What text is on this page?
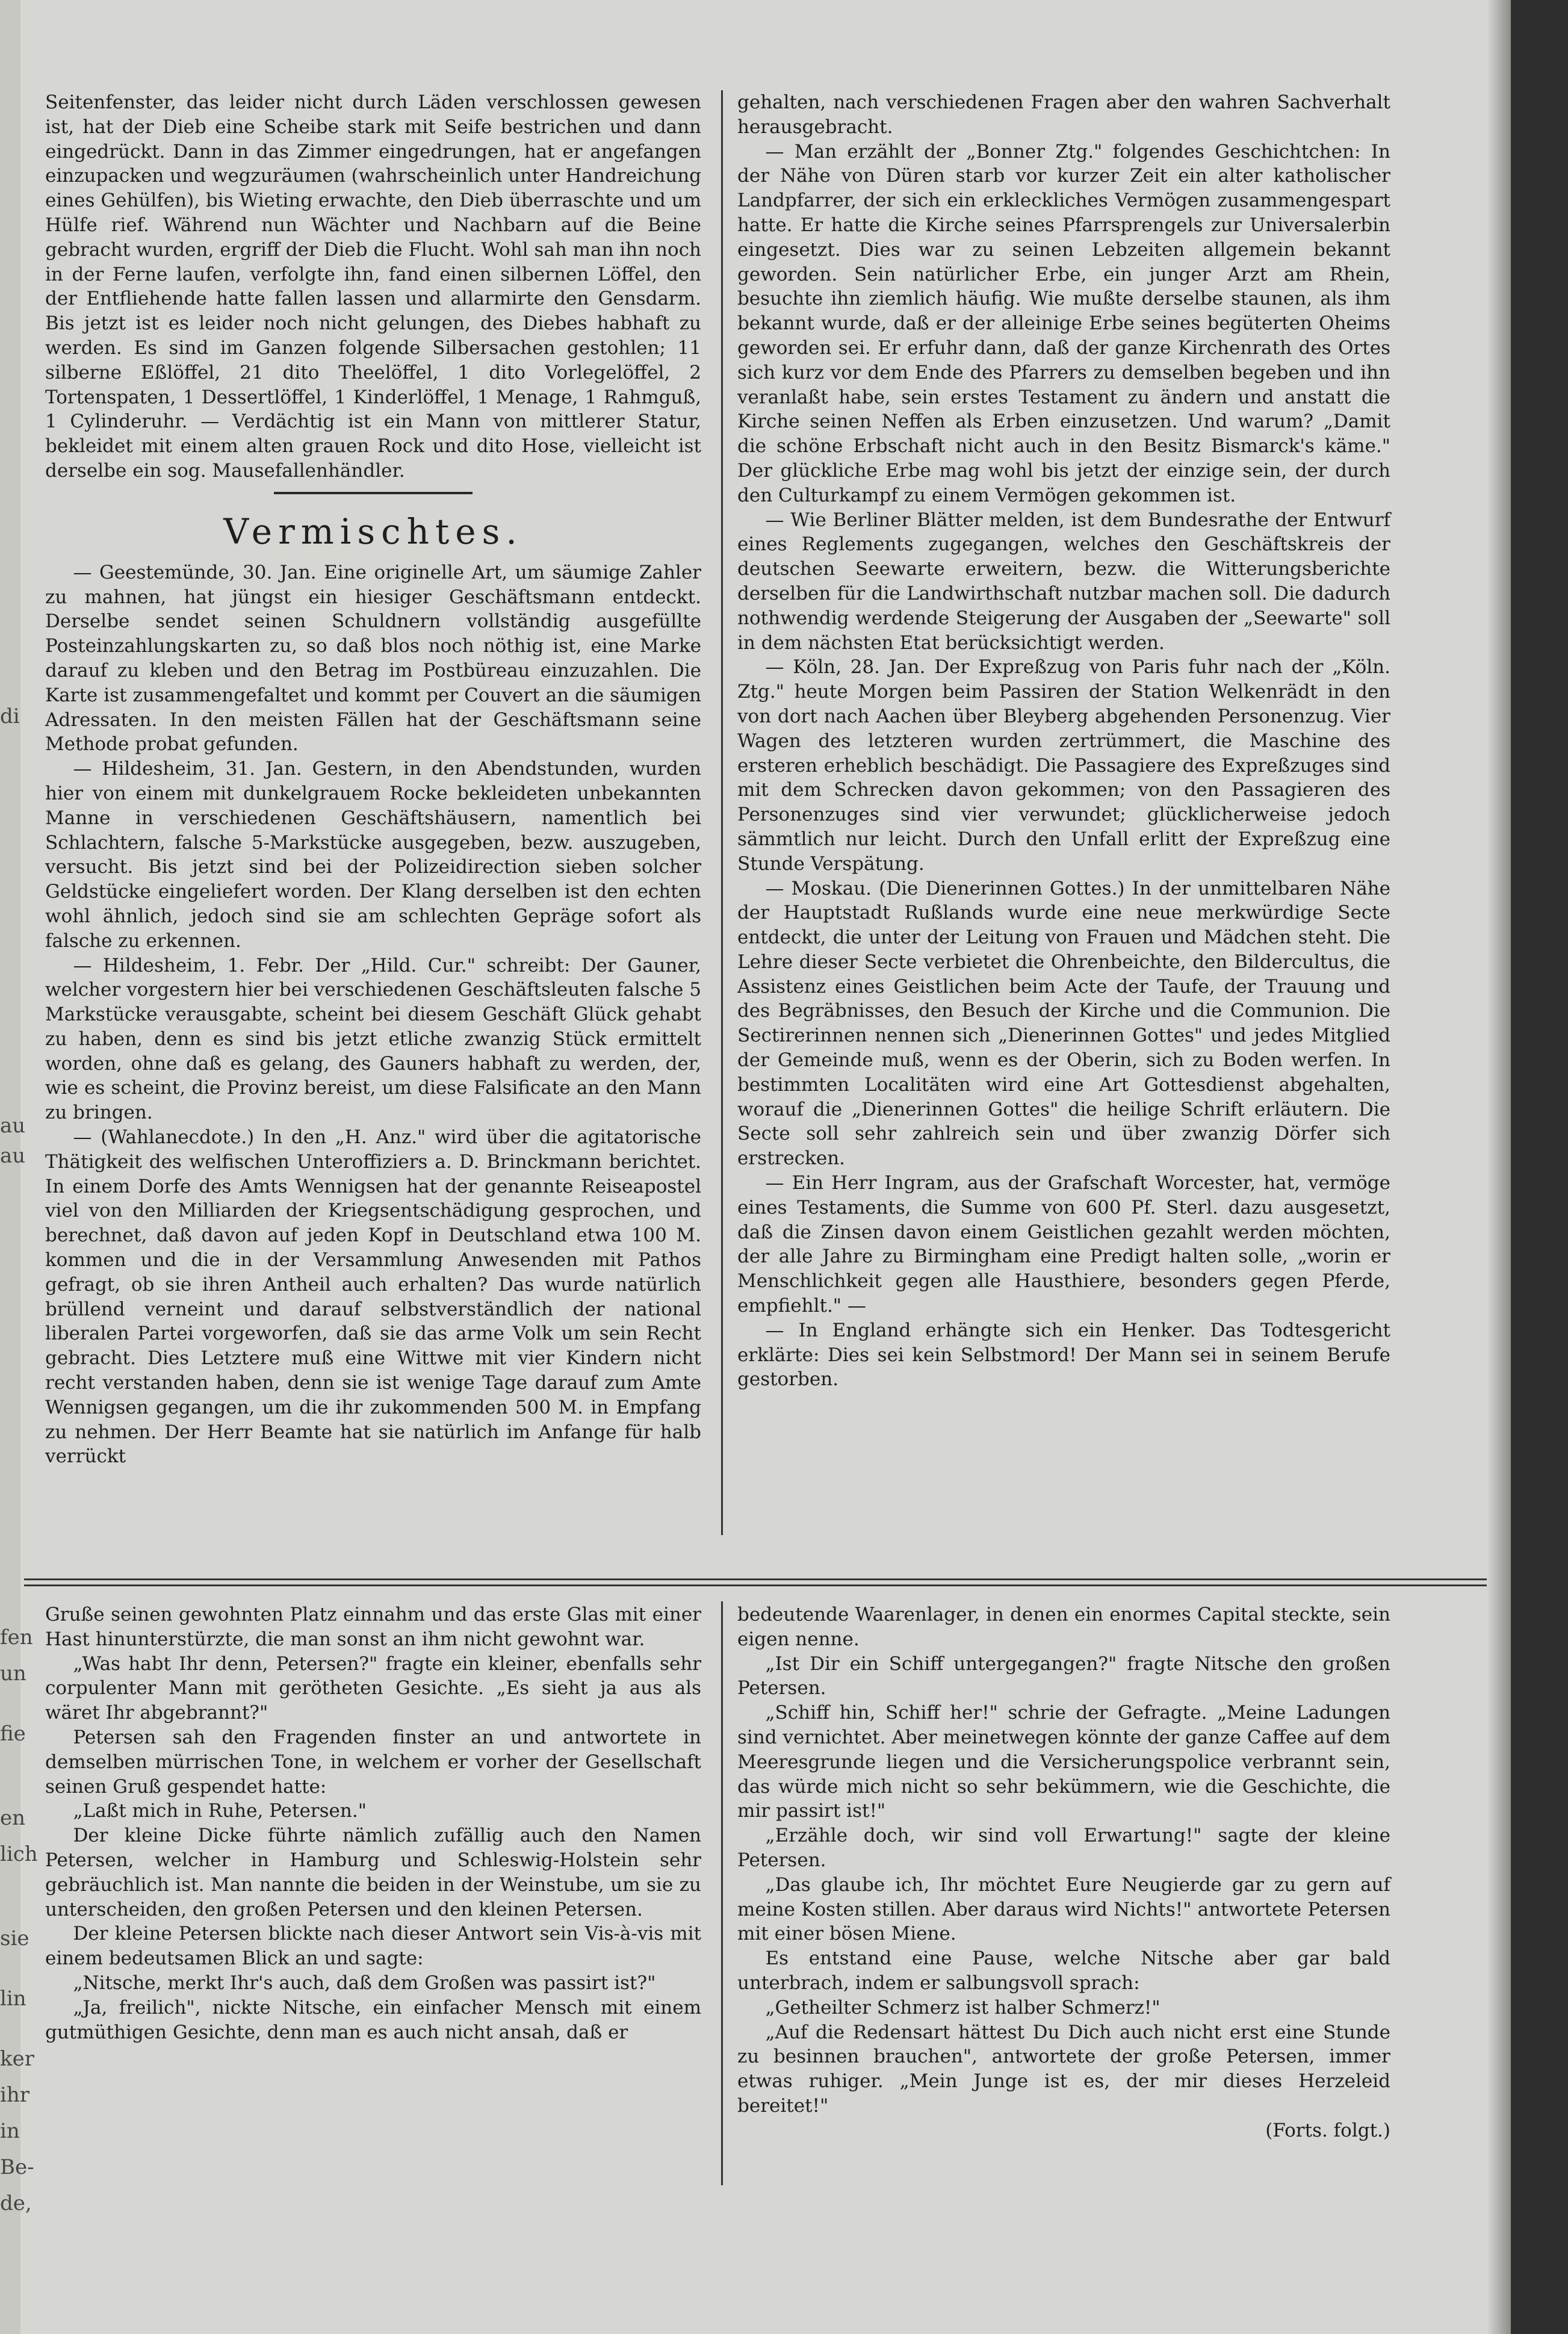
di
au
au
fen
un
fie
en
lich
sie
lin
ker
ihr
in
Be-
de,

Seitenfenster, das leider nicht durch Läden verschlossen gewesen ist, hat der Dieb eine Scheibe stark mit Seife bestrichen und dann eingedrückt. Dann in das Zimmer eingedrungen, hat er angefangen einzupacken und wegzuräumen (wahrscheinlich unter Handreichung eines Gehülfen), bis Wieting erwachte, den Dieb überraschte und um Hülfe rief. Während nun Wächter und Nachbarn auf die Beine gebracht wurden, ergriff der Dieb die Flucht. Wohl sah man ihn noch in der Ferne laufen, verfolgte ihn, fand einen silbernen Löffel, den der Entfliehende hatte fallen lassen und allarmirte den Gensdarm. Bis jetzt ist es leider noch nicht gelungen, des Diebes habhaft zu werden. Es sind im Ganzen folgende Silbersachen gestohlen; 11 silberne Eßlöffel, 21 dito Theelöffel, 1 dito Vorlegelöffel, 2 Tortenspaten, 1 Dessertlöffel, 1 Kinderlöffel, 1 Menage, 1 Rahmguß, 1 Cylinderuhr. — Verdächtig ist ein Mann von mittlerer Statur, bekleidet mit einem alten grauen Rock und dito Hose, vielleicht ist derselbe ein sog. Mausefallenhändler.

Vermischtes.

— Geestemünde, 30. Jan. Eine originelle Art, um säumige Zahler zu mahnen, hat jüngst ein hiesiger Geschäftsmann entdeckt. Derselbe sendet seinen Schuldnern vollständig ausgefüllte Posteinzahlungskarten zu, so daß blos noch nöthig ist, eine Marke darauf zu kleben und den Betrag im Postbüreau einzuzahlen. Die Karte ist zusammengefaltet und kommt per Couvert an die säumigen Adressaten. In den meisten Fällen hat der Geschäftsmann seine Methode probat gefunden.

— Hildesheim, 31. Jan. Gestern, in den Abendstunden, wurden hier von einem mit dunkelgrauem Rocke bekleideten unbekannten Manne in verschiedenen Geschäftshäusern, namentlich bei Schlachtern, falsche 5-Markstücke ausgegeben, bezw. auszugeben, versucht. Bis jetzt sind bei der Polizeidirection sieben solcher Geldstücke eingeliefert worden. Der Klang derselben ist den echten wohl ähnlich, jedoch sind sie am schlechten Gepräge sofort als falsche zu erkennen.

— Hildesheim, 1. Febr. Der „Hild. Cur." schreibt: Der Gauner, welcher vorgestern hier bei verschiedenen Geschäftsleuten falsche 5 Markstücke verausgabte, scheint bei diesem Geschäft Glück gehabt zu haben, denn es sind bis jetzt etliche zwanzig Stück ermittelt worden, ohne daß es gelang, des Gauners habhaft zu werden, der, wie es scheint, die Provinz bereist, um diese Falsificate an den Mann zu bringen.

— (Wahlanecdote.) In den „H. Anz." wird über die agitatorische Thätigkeit des welfischen Unteroffiziers a. D. Brinckmann berichtet. In einem Dorfe des Amts Wennigsen hat der genannte Reiseapostel viel von den Milliarden der Kriegsentschädigung gesprochen, und berechnet, daß davon auf jeden Kopf in Deutschland etwa 100 M. kommen und die in der Versammlung Anwesenden mit Pathos gefragt, ob sie ihren Antheil auch erhalten? Das wurde natürlich brüllend verneint und darauf selbstverständlich der national liberalen Partei vorgeworfen, daß sie das arme Volk um sein Recht gebracht. Dies Letztere muß eine Wittwe mit vier Kindern nicht recht verstanden haben, denn sie ist wenige Tage darauf zum Amte Wennigsen gegangen, um die ihr zukommenden 500 M. in Empfang zu nehmen. Der Herr Beamte hat sie natürlich im Anfange für halb verrückt

gehalten, nach verschiedenen Fragen aber den wahren Sachverhalt herausgebracht.

— Man erzählt der „Bonner Ztg." folgendes Geschichtchen: In der Nähe von Düren starb vor kurzer Zeit ein alter katholischer Landpfarrer, der sich ein erkleckliches Vermögen zusammengespart hatte. Er hatte die Kirche seines Pfarrsprengels zur Universalerbin eingesetzt. Dies war zu seinen Lebzeiten allgemein bekannt geworden. Sein natürlicher Erbe, ein junger Arzt am Rhein, besuchte ihn ziemlich häufig. Wie mußte derselbe staunen, als ihm bekannt wurde, daß er der alleinige Erbe seines begüterten Oheims geworden sei. Er erfuhr dann, daß der ganze Kirchenrath des Ortes sich kurz vor dem Ende des Pfarrers zu demselben begeben und ihn veranlaßt habe, sein erstes Testament zu ändern und anstatt die Kirche seinen Neffen als Erben einzusetzen. Und warum? „Damit die schöne Erbschaft nicht auch in den Besitz Bismarck's käme." Der glückliche Erbe mag wohl bis jetzt der einzige sein, der durch den Culturkampf zu einem Vermögen gekommen ist.

— Wie Berliner Blätter melden, ist dem Bundesrathe der Entwurf eines Reglements zugegangen, welches den Geschäftskreis der deutschen Seewarte erweitern, bezw. die Witterungsberichte derselben für die Landwirthschaft nutzbar machen soll. Die dadurch nothwendig werdende Steigerung der Ausgaben der „Seewarte" soll in dem nächsten Etat berücksichtigt werden.

— Köln, 28. Jan. Der Expreßzug von Paris fuhr nach der „Köln. Ztg." heute Morgen beim Passiren der Station Welkenrädt in den von dort nach Aachen über Bleyberg abgehenden Personenzug. Vier Wagen des letzteren wurden zertrümmert, die Maschine des ersteren erheblich beschädigt. Die Passagiere des Expreßzuges sind mit dem Schrecken davon gekommen; von den Passagieren des Personenzuges sind vier verwundet; glücklicherweise jedoch sämmtlich nur leicht. Durch den Unfall erlitt der Expreßzug eine Stunde Verspätung.

— Moskau. (Die Dienerinnen Gottes.) In der unmittelbaren Nähe der Hauptstadt Rußlands wurde eine neue merkwürdige Secte entdeckt, die unter der Leitung von Frauen und Mädchen steht. Die Lehre dieser Secte verbietet die Ohrenbeichte, den Bildercultus, die Assistenz eines Geistlichen beim Acte der Taufe, der Trauung und des Begräbnisses, den Besuch der Kirche und die Communion. Die Sectirerinnen nennen sich „Dienerinnen Gottes" und jedes Mitglied der Gemeinde muß, wenn es der Oberin, sich zu Boden werfen. In bestimmten Localitäten wird eine Art Gottesdienst abgehalten, worauf die „Dienerinnen Gottes" die heilige Schrift erläutern. Die Secte soll sehr zahlreich sein und über zwanzig Dörfer sich erstrecken.

— Ein Herr Ingram, aus der Grafschaft Worcester, hat, vermöge eines Testaments, die Summe von 600 Pf. Sterl. dazu ausgesetzt, daß die Zinsen davon einem Geistlichen gezahlt werden möchten, der alle Jahre zu Birmingham eine Predigt halten solle, „worin er Menschlichkeit gegen alle Hausthiere, besonders gegen Pferde, empfiehlt." —

— In England erhängte sich ein Henker. Das Todtesgericht erklärte: Dies sei kein Selbstmord! Der Mann sei in seinem Berufe gestorben.

Gruße seinen gewohnten Platz einnahm und das erste Glas mit einer Hast hinunterstürzte, die man sonst an ihm nicht gewohnt war.

„Was habt Ihr denn, Petersen?" fragte ein kleiner, ebenfalls sehr corpulenter Mann mit gerötheten Gesichte. „Es sieht ja aus als wäret Ihr abgebrannt?"

Petersen sah den Fragenden finster an und antwortete in demselben mürrischen Tone, in welchem er vorher der Gesellschaft seinen Gruß gespendet hatte:

„Laßt mich in Ruhe, Petersen."

Der kleine Dicke führte nämlich zufällig auch den Namen Petersen, welcher in Hamburg und Schleswig-Holstein sehr gebräuchlich ist. Man nannte die beiden in der Weinstube, um sie zu unterscheiden, den großen Petersen und den kleinen Petersen.

Der kleine Petersen blickte nach dieser Antwort sein Vis-à-vis mit einem bedeutsamen Blick an und sagte:

„Nitsche, merkt Ihr's auch, daß dem Großen was passirt ist?"

„Ja, freilich", nickte Nitsche, ein einfacher Mensch mit einem gutmüthigen Gesichte, denn man es auch nicht ansah, daß er

bedeutende Waarenlager, in denen ein enormes Capital steckte, sein eigen nenne.

„Ist Dir ein Schiff untergegangen?" fragte Nitsche den großen Petersen.

„Schiff hin, Schiff her!" schrie der Gefragte. „Meine Ladungen sind vernichtet. Aber meinetwegen könnte der ganze Caffee auf dem Meeresgrunde liegen und die Versicherungspolice verbrannt sein, das würde mich nicht so sehr bekümmern, wie die Geschichte, die mir passirt ist!"

„Erzähle doch, wir sind voll Erwartung!" sagte der kleine Petersen.

„Das glaube ich, Ihr möchtet Eure Neugierde gar zu gern auf meine Kosten stillen. Aber daraus wird Nichts!" antwortete Petersen mit einer bösen Miene.

Es entstand eine Pause, welche Nitsche aber gar bald unterbrach, indem er salbungsvoll sprach:

„Getheilter Schmerz ist halber Schmerz!"

„Auf die Redensart hättest Du Dich auch nicht erst eine Stunde zu besinnen brauchen", antwortete der große Petersen, immer etwas ruhiger. „Mein Junge ist es, der mir dieses Herzeleid bereitet!"

(Forts. folgt.)
